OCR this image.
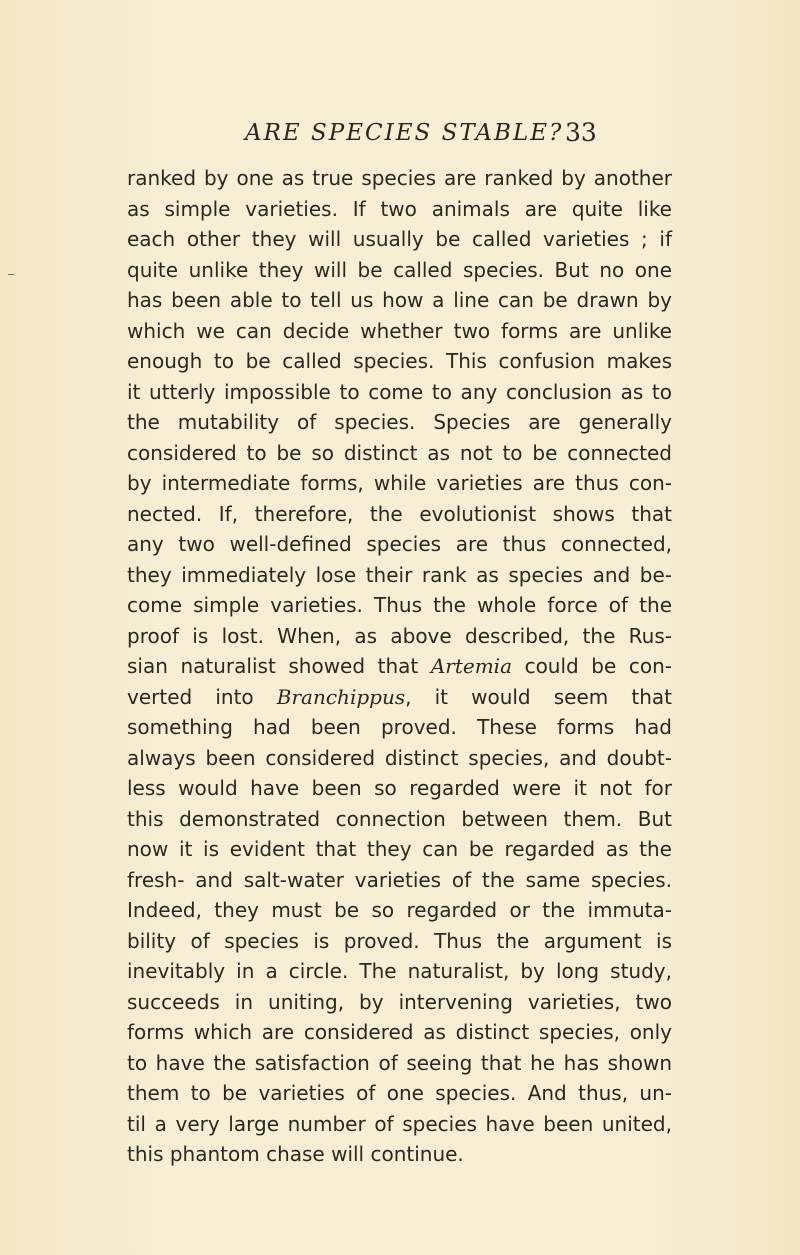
ARE SPECIES STABLE? 33
ranked by one as true species are ranked by another
as simple varieties. If two animals are quite like
each other they will usually be called varieties ; if
quite unlike they will be called species. But no one
has been able to tell us how a line can be drawn by
which we can decide whether two forms are unlike
enough to be called species. This confusion makes
it utterly impossible to come to any conclusion as to
the mutability of species. Species are generally
considered to be so distinct as not to be connected
by intermediate forms, while varieties are thus con-
nected. If, therefore, the evolutionist shows that
any two well-defined species are thus connected,
they immediately lose their rank as species and be-
come simple varieties. Thus the whole force of the
proof is lost. When, as above described, the Rus-
sian naturalist showed that Artemia could be con-
verted into Branchippus, it would seem that
something had been proved. These forms had
always been considered distinct species, and doubt-
less would have been so regarded were it not for
this demonstrated connection between them. But
now it is evident that they can be regarded as the
fresh- and salt-water varieties of the same species.
Indeed, they must be so regarded or the immuta-
bility of species is proved. Thus the argument is
inevitably in a circle. The naturalist, by long study,
succeeds in uniting, by intervening varieties, two
forms which are considered as distinct species, only
to have the satisfaction of seeing that he has shown
them to be varieties of one species. And thus, un-
til a very large number of species have been united,
this phantom chase will continue.
